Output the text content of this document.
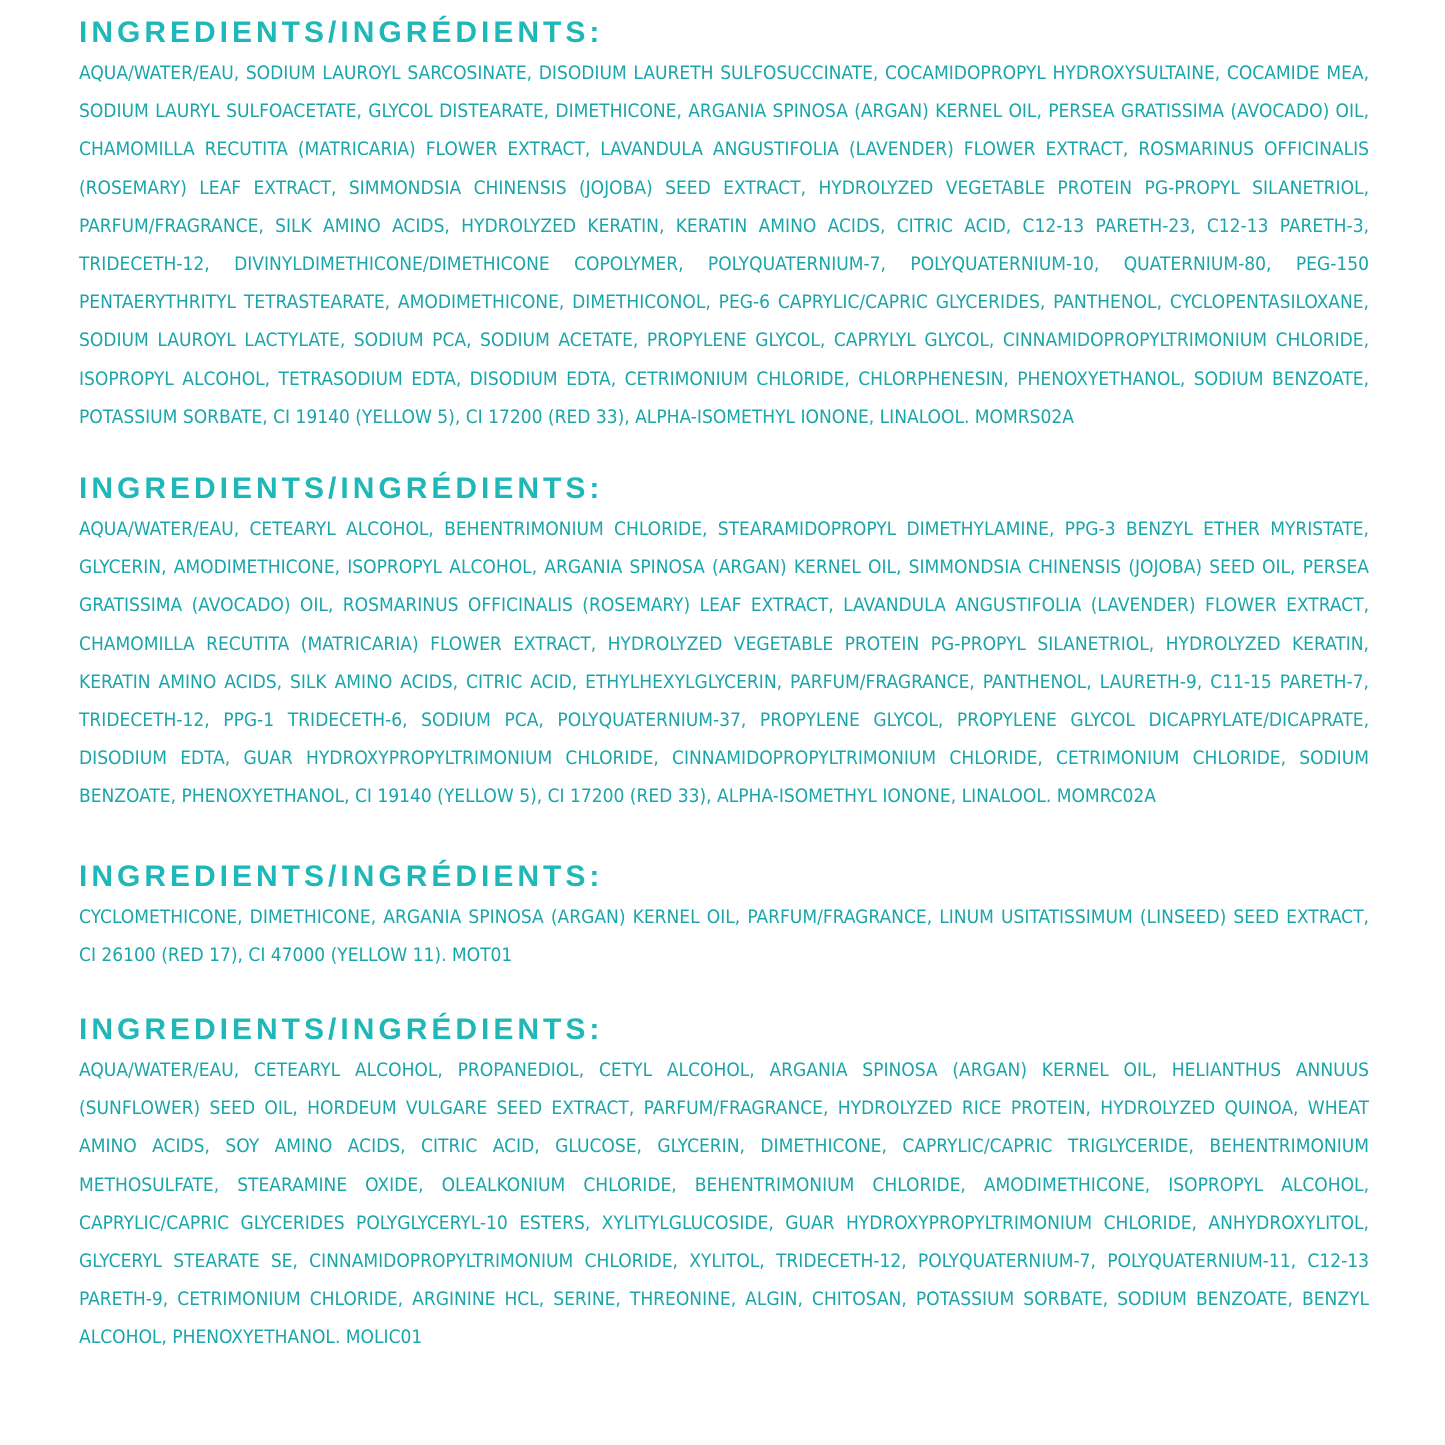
INGREDIENTS/INGRÉDIENTS:

AQUA/WATER/EAU, SODIUM LAUROYL SARCOSINATE, DISODIUM LAURETH SULFOSUCCINATE, COCAMIDOPROPYL HYDROXYSULTAINE, COCAMIDE MEA, SODIUM LAURYL SULFOACETATE, GLYCOL DISTEARATE, DIMETHICONE, ARGANIA SPINOSA (ARGAN) KERNEL OIL, PERSEA GRATISSIMA (AVOCADO) OIL, CHAMOMILLA RECUTITA (MATRICARIA) FLOWER EXTRACT, LAVANDULA ANGUSTIFOLIA (LAVENDER) FLOWER EXTRACT, ROSMARINUS OFFICINALIS (ROSEMARY) LEAF EXTRACT, SIMMONDSIA CHINENSIS (JOJOBA) SEED EXTRACT, HYDROLYZED VEGETABLE PROTEIN PG-PROPYL SILANETRIOL, PARFUM/FRAGRANCE, SILK AMINO ACIDS, HYDROLYZED KERATIN, KERATIN AMINO ACIDS, CITRIC ACID, C12-13 PARETH-23, C12-13 PARETH-3, TRIDECETH-12, DIVINYLDIMETHICONE/DIMETHICONE COPOLYMER, POLYQUATERNIUM-7, POLYQUATERNIUM-10, QUATERNIUM-80, PEG-150 PENTAERYTHRITYL TETRASTEARATE, AMODIMETHICONE, DIMETHICONOL, PEG-6 CAPRYLIC/CAPRIC GLYCERIDES, PANTHENOL, CYCLOPENTASILOXANE, SODIUM LAUROYL LACTYLATE, SODIUM PCA, SODIUM ACETATE, PROPYLENE GLYCOL, CAPRYLYL GLYCOL, CINNAMIDOPROPYLTRIMONIUM CHLORIDE, ISOPROPYL ALCOHOL, TETRASODIUM EDTA, DISODIUM EDTA, CETRIMONIUM CHLORIDE, CHLORPHENESIN, PHENOXYETHANOL, SODIUM BENZOATE, POTASSIUM SORBATE, CI 19140 (YELLOW 5), CI 17200 (RED 33), ALPHA-ISOMETHYL IONONE, LINALOOL. MOMRS02A

INGREDIENTS/INGRÉDIENTS:

AQUA/WATER/EAU, CETEARYL ALCOHOL, BEHENTRIMONIUM CHLORIDE, STEARAMIDOPROPYL DIMETHYLAMINE, PPG-3 BENZYL ETHER MYRISTATE, GLYCERIN, AMODIMETHICONE, ISOPROPYL ALCOHOL, ARGANIA SPINOSA (ARGAN) KERNEL OIL, SIMMONDSIA CHINENSIS (JOJOBA) SEED OIL, PERSEA GRATISSIMA (AVOCADO) OIL, ROSMARINUS OFFICINALIS (ROSEMARY) LEAF EXTRACT, LAVANDULA ANGUSTIFOLIA (LAVENDER) FLOWER EXTRACT, CHAMOMILLA RECUTITA (MATRICARIA) FLOWER EXTRACT, HYDROLYZED VEGETABLE PROTEIN PG-PROPYL SILANETRIOL, HYDROLYZED KERATIN, KERATIN AMINO ACIDS, SILK AMINO ACIDS, CITRIC ACID, ETHYLHEXYLGLYCERIN, PARFUM/FRAGRANCE, PANTHENOL, LAURETH-9, C11-15 PARETH-7, TRIDECETH-12, PPG-1 TRIDECETH-6, SODIUM PCA, POLYQUATERNIUM-37, PROPYLENE GLYCOL, PROPYLENE GLYCOL DICAPRYLATE/DICAPRATE, DISODIUM EDTA, GUAR HYDROXYPROPYLTRIMONIUM CHLORIDE, CINNAMIDOPROPYLTRIMONIUM CHLORIDE, CETRIMONIUM CHLORIDE, SODIUM BENZOATE, PHENOXYETHANOL, CI 19140 (YELLOW 5), CI 17200 (RED 33), ALPHA-ISOMETHYL IONONE, LINALOOL. MOMRC02A

INGREDIENTS/INGRÉDIENTS:

CYCLOMETHICONE, DIMETHICONE, ARGANIA SPINOSA (ARGAN) KERNEL OIL, PARFUM/FRAGRANCE, LINUM USITATISSIMUM (LINSEED) SEED EXTRACT, CI 26100 (RED 17), CI 47000 (YELLOW 11). MOT01

INGREDIENTS/INGRÉDIENTS:

AQUA/WATER/EAU, CETEARYL ALCOHOL, PROPANEDIOL, CETYL ALCOHOL, ARGANIA SPINOSA (ARGAN) KERNEL OIL, HELIANTHUS ANNUUS (SUNFLOWER) SEED OIL, HORDEUM VULGARE SEED EXTRACT, PARFUM/FRAGRANCE, HYDROLYZED RICE PROTEIN, HYDROLYZED QUINOA, WHEAT AMINO ACIDS, SOY AMINO ACIDS, CITRIC ACID, GLUCOSE, GLYCERIN, DIMETHICONE, CAPRYLIC/CAPRIC TRIGLYCERIDE, BEHENTRIMONIUM METHOSULFATE, STEARAMINE OXIDE, OLEALKONIUM CHLORIDE, BEHENTRIMONIUM CHLORIDE, AMODIMETHICONE, ISOPROPYL ALCOHOL, CAPRYLIC/CAPRIC GLYCERIDES POLYGLYCERYL-10 ESTERS, XYLITYLGLUCOSIDE, GUAR HYDROXYPROPYLTRIMONIUM CHLORIDE, ANHYDROXYLITOL, GLYCERYL STEARATE SE, CINNAMIDOPROPYLTRIMONIUM CHLORIDE, XYLITOL, TRIDECETH-12, POLYQUATERNIUM-7, POLYQUATERNIUM-11, C12-13 PARETH-9, CETRIMONIUM CHLORIDE, ARGININE HCL, SERINE, THREONINE, ALGIN, CHITOSAN, POTASSIUM SORBATE, SODIUM BENZOATE, BENZYL ALCOHOL, PHENOXYETHANOL. MOLIC01
